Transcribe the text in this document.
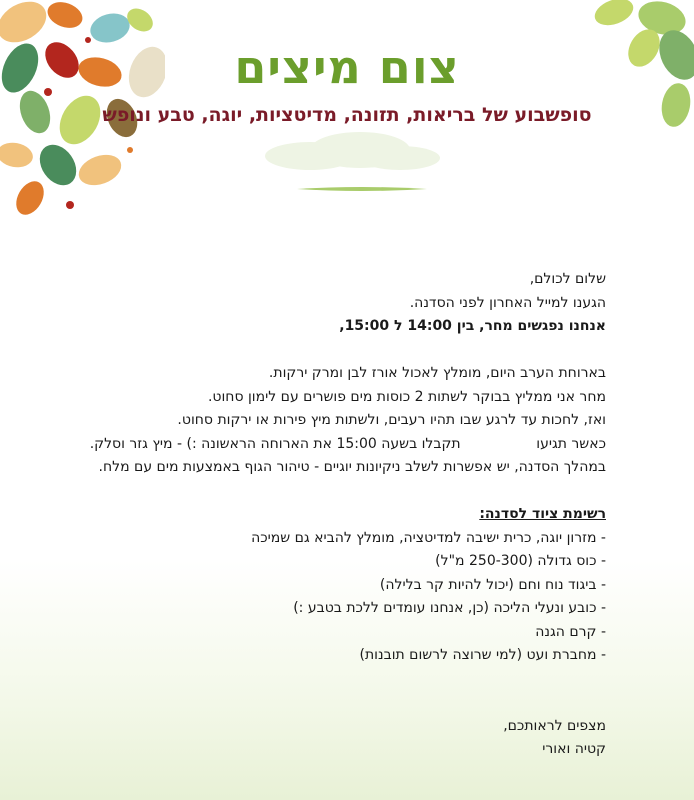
צום מיצים
סופשבוע של בריאות, תזונה, מדיטציות, יוגה, טבע ונופש

שלום לכולם,

הגענו למייל האחרון לפני הסדנה.

אנחנו נפגשים מחר, בין 14:00 ל 15:00,

בארוחת הערב היום, מומלץ לאכול אורז לבן ומרק ירקות.

מחר אני ממליץ בבוקר לשתות 2 כוסות מים פושרים עם לימון סחוט.

ואז, לחכות עד לרגע שבו תהיו רעבים, ולשתות מיץ פירות או ירקות סחוט.

כאשר תגיעו                 תקבלו בשעה 15:00 את הארוחה הראשונה :) - מיץ גזר וסלק.

במהלך הסדנה, יש אפשרות לשלב ניקיונות יוגיים - טיהור הגוף באמצעות מים עם מלח.

רשימת ציוד לסדנה:

- מזרון יוגה, כרית ישיבה למדיטציה, מומלץ להביא גם שמיכה

- כוס גדולה (250-300 מ"ל)

- ביגוד נוח וחם (יכול להיות קר בלילה)

- כובע ונעלי הליכה (כן, אנחנו עומדים ללכת בטבע :)

- קרם הגנה

- מחברת ועט (למי שרוצה לרשום תובנות)

מצפים לראותכם,

קטיה ואורי
